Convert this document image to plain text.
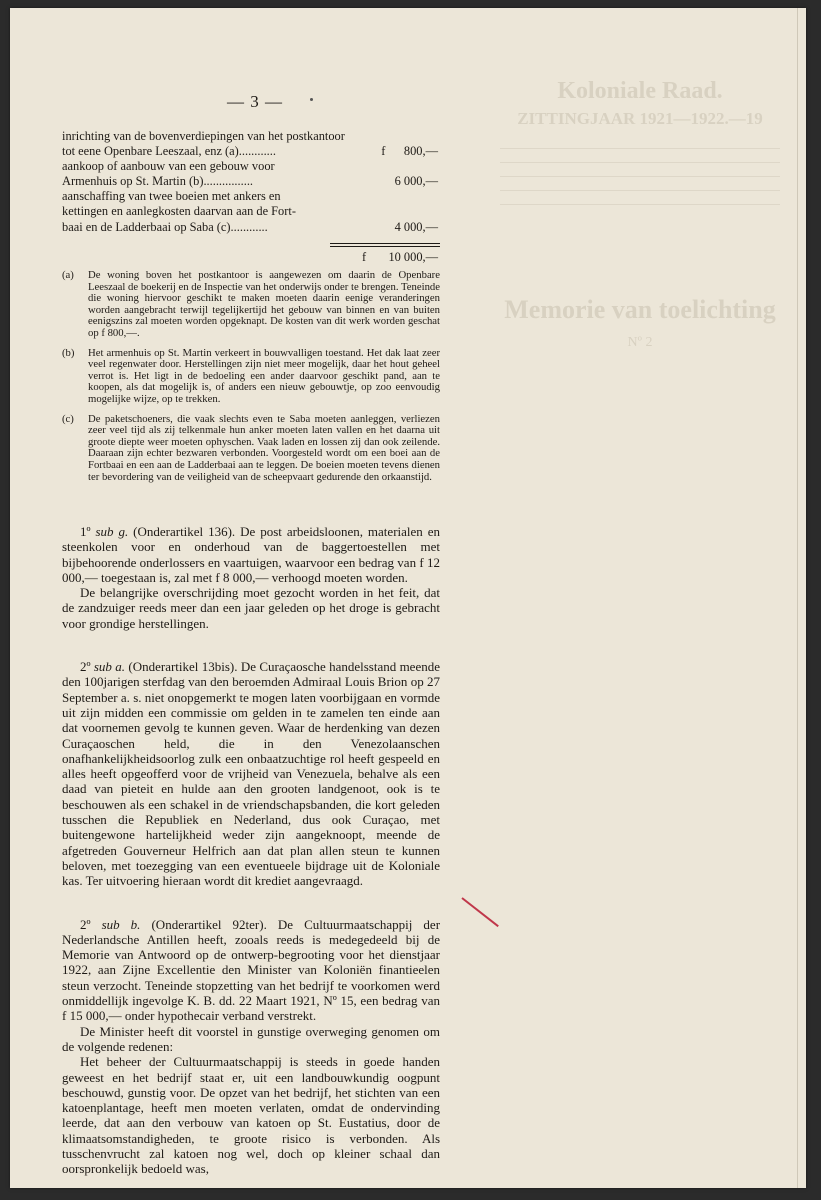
Koloniale Raad.
ZITTINGJAAR 1921—1922.—19
Memorie van toelichting
Nº 2
— 3 —
inrichting van de bovenverdiepingen van het postkantoor
tot eene Openbare Leeszaal, enz (a)............	f      800,—
aankoop of aanbouw van een gebouw voor
Armenhuis op St. Martin (b)................	6 000,—
aanschaffing van twee boeien met ankers en
kettingen en aanlegkosten daarvan aan de Fort-
baai en de Ladderbaai op Saba (c)............	4 000,—
f 10 000,—
(a)	De woning boven het postkantoor is aangewezen om daarin de Openbare Leeszaal de boekerij en de Inspectie van het onderwijs onder te brengen. Teneinde die woning hiervoor geschikt te maken moeten daarin eenige veranderingen worden aangebracht terwijl tegelijkertijd het gebouw van binnen en van buiten eenigszins zal moeten worden opgeknapt. De kosten van dit werk worden geschat op f 800,—.
(b)	Het armenhuis op St. Martin verkeert in bouwvalligen toestand. Het dak laat zeer veel regenwater door. Herstellingen zijn niet meer mogelijk, daar het hout geheel verrot is. Het ligt in de bedoeling een ander daarvoor geschikt pand, aan te koopen, als dat mogelijk is, of anders een nieuw gebouwtje, op zoo eenvoudig mogelijke wijze, op te trekken.
(c)	De paketschoeners, die vaak slechts even te Saba moeten aanleggen, verliezen zeer veel tijd als zij telkenmale hun anker moeten laten vallen en het daarna uit groote diepte weer moeten ophyschen. Vaak laden en lossen zij dan ook zeilende. Daaraan zijn echter bezwaren verbonden. Voorgesteld wordt om een boei aan de Fortbaai en een aan de Ladderbaai aan te leggen. De boeien moeten tevens dienen ter bevordering van de veiligheid van de scheepvaart gedurende den orkaanstijd.

1º sub g. (Onderartikel 136). De post arbeidsloonen, materialen en steenkolen voor en onderhoud van de baggertoestellen met bijbehoorende onderlossers en vaartuigen, waarvoor een bedrag van f 12 000,— toegestaan is, zal met f 8 000,— verhoogd moeten worden.

De belangrijke overschrijding moet gezocht worden in het feit, dat de zandzuiger reeds meer dan een jaar geleden op het droge is gebracht voor grondige herstellingen.

2º sub a. (Onderartikel 13bis). De Curaçaosche handelsstand meende den 100jarigen sterfdag van den beroemden Admiraal Louis Brion op 27 September a. s. niet onopgemerkt te mogen laten voorbijgaan en vormde uit zijn midden een commissie om gelden in te zamelen ten einde aan dat voornemen gevolg te kunnen geven. Waar de herdenking van dezen Curaçaoschen held, die in den Venezolaanschen onafhankelijkheidsoorlog zulk een onbaatzuchtige rol heeft gespeeld en alles heeft opgeofferd voor de vrijheid van Venezuela, behalve als een daad van pieteit en hulde aan den grooten landgenoot, ook is te beschouwen als een schakel in de vriendschapsbanden, die kort geleden tusschen die Republiek en Nederland, dus ook Curaçao, met buitengewone hartelijkheid weder zijn aangeknoopt, meende de afgetreden Gouverneur Helfrich aan dat plan allen steun te kunnen beloven, met toezegging van een eventueele bijdrage uit de Koloniale kas. Ter uitvoering hieraan wordt dit krediet aangevraagd.

2º sub b. (Onderartikel 92ter). De Cultuurmaatschappij der Nederlandsche Antillen heeft, zooals reeds is medegedeeld bij de Memorie van Antwoord op de ontwerp-begrooting voor het dienstjaar 1922, aan Zijne Excellentie den Minister van Koloniën finantieelen steun verzocht. Teneinde stopzetting van het bedrijf te voorkomen werd onmiddellijk ingevolge K. B. dd. 22 Maart 1921, Nº 15, een bedrag van f 15 000,— onder hypothecair verband verstrekt.

De Minister heeft dit voorstel in gunstige overweging genomen om de volgende redenen:

Het beheer der Cultuurmaatschappij is steeds in goede handen geweest en het bedrijf staat er, uit een landbouwkundig oogpunt beschouwd, gunstig voor. De opzet van het bedrijf, het stichten van een katoenplantage, heeft men moeten verlaten, omdat de ondervinding leerde, dat aan den verbouw van katoen op St. Eustatius, door de klimaatsomstandigheden, te groote risico is verbonden. Als tusschenvrucht zal katoen nog wel, doch op kleiner schaal dan oorspronkelijk bedoeld was,
